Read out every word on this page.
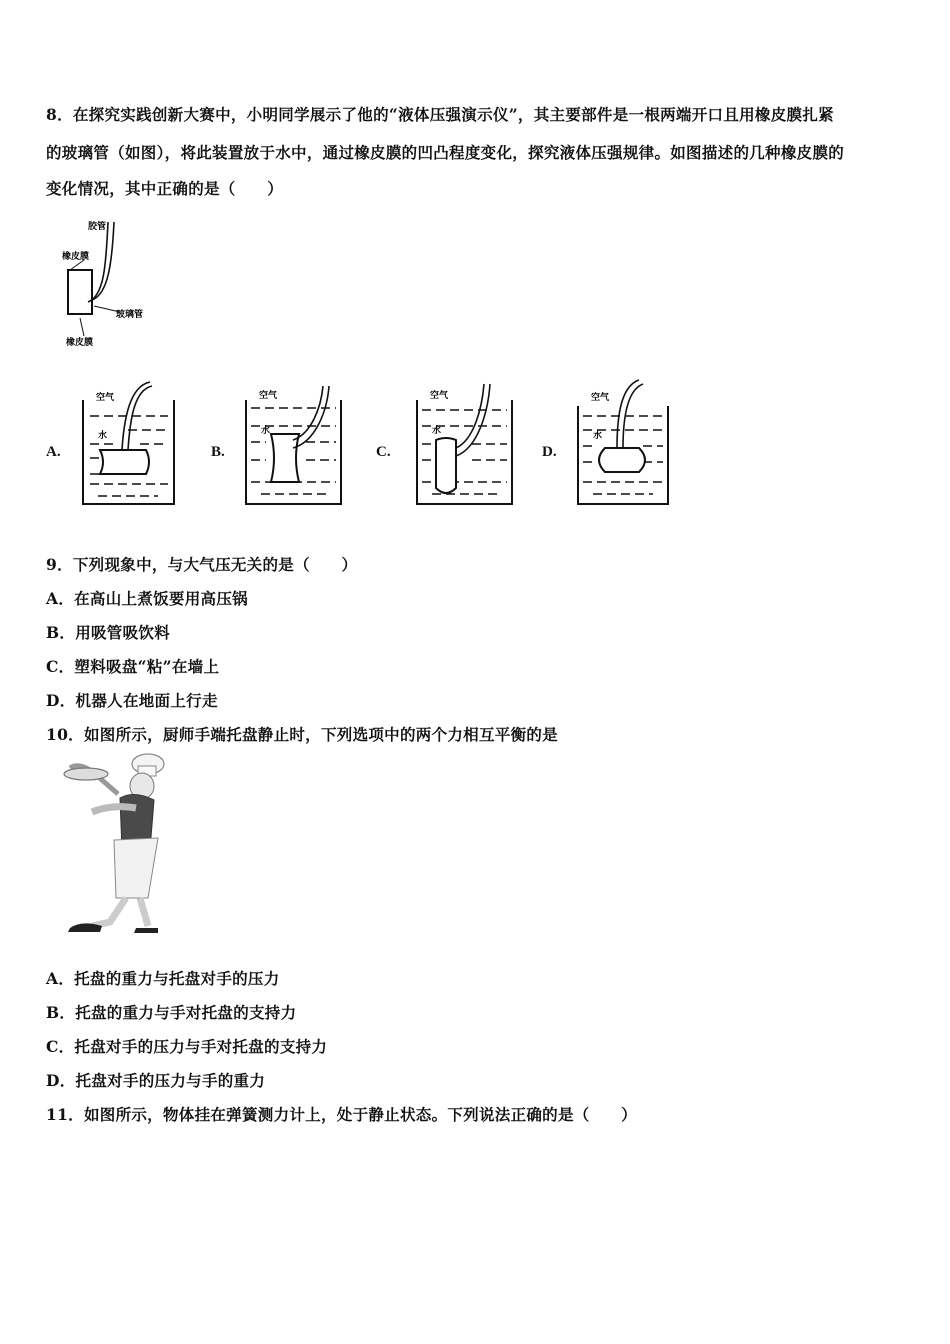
8．在探究实践创新大赛中，小明同学展示了他的“液体压强演示仪”，其主要部件是一根两端开口且用橡皮膜扎紧
的玻璃管（如图），将此装置放于水中，通过橡皮膜的凹凸程度变化，探究液体压强规律。如图描述的几种橡皮膜的
变化情况，其中正确的是（　　）
胶管
橡皮膜
玻璃管
橡皮膜
A.
空气
水
B.
空气
水
C.
空气
水
D.
空气
水
9．下列现象中，与大气压无关的是（　　）
A．在高山上煮饭要用高压锅
B．用吸管吸饮料
C．塑料吸盘“粘”在墙上
D．机器人在地面上行走
10．如图所示，厨师手端托盘静止时，下列选项中的两个力相互平衡的是
A．托盘的重力与托盘对手的压力
B．托盘的重力与手对托盘的支持力
C．托盘对手的压力与手对托盘的支持力
D．托盘对手的压力与手的重力
11．如图所示，物体挂在弹簧测力计上，处于静止状态。下列说法正确的是（　　）
